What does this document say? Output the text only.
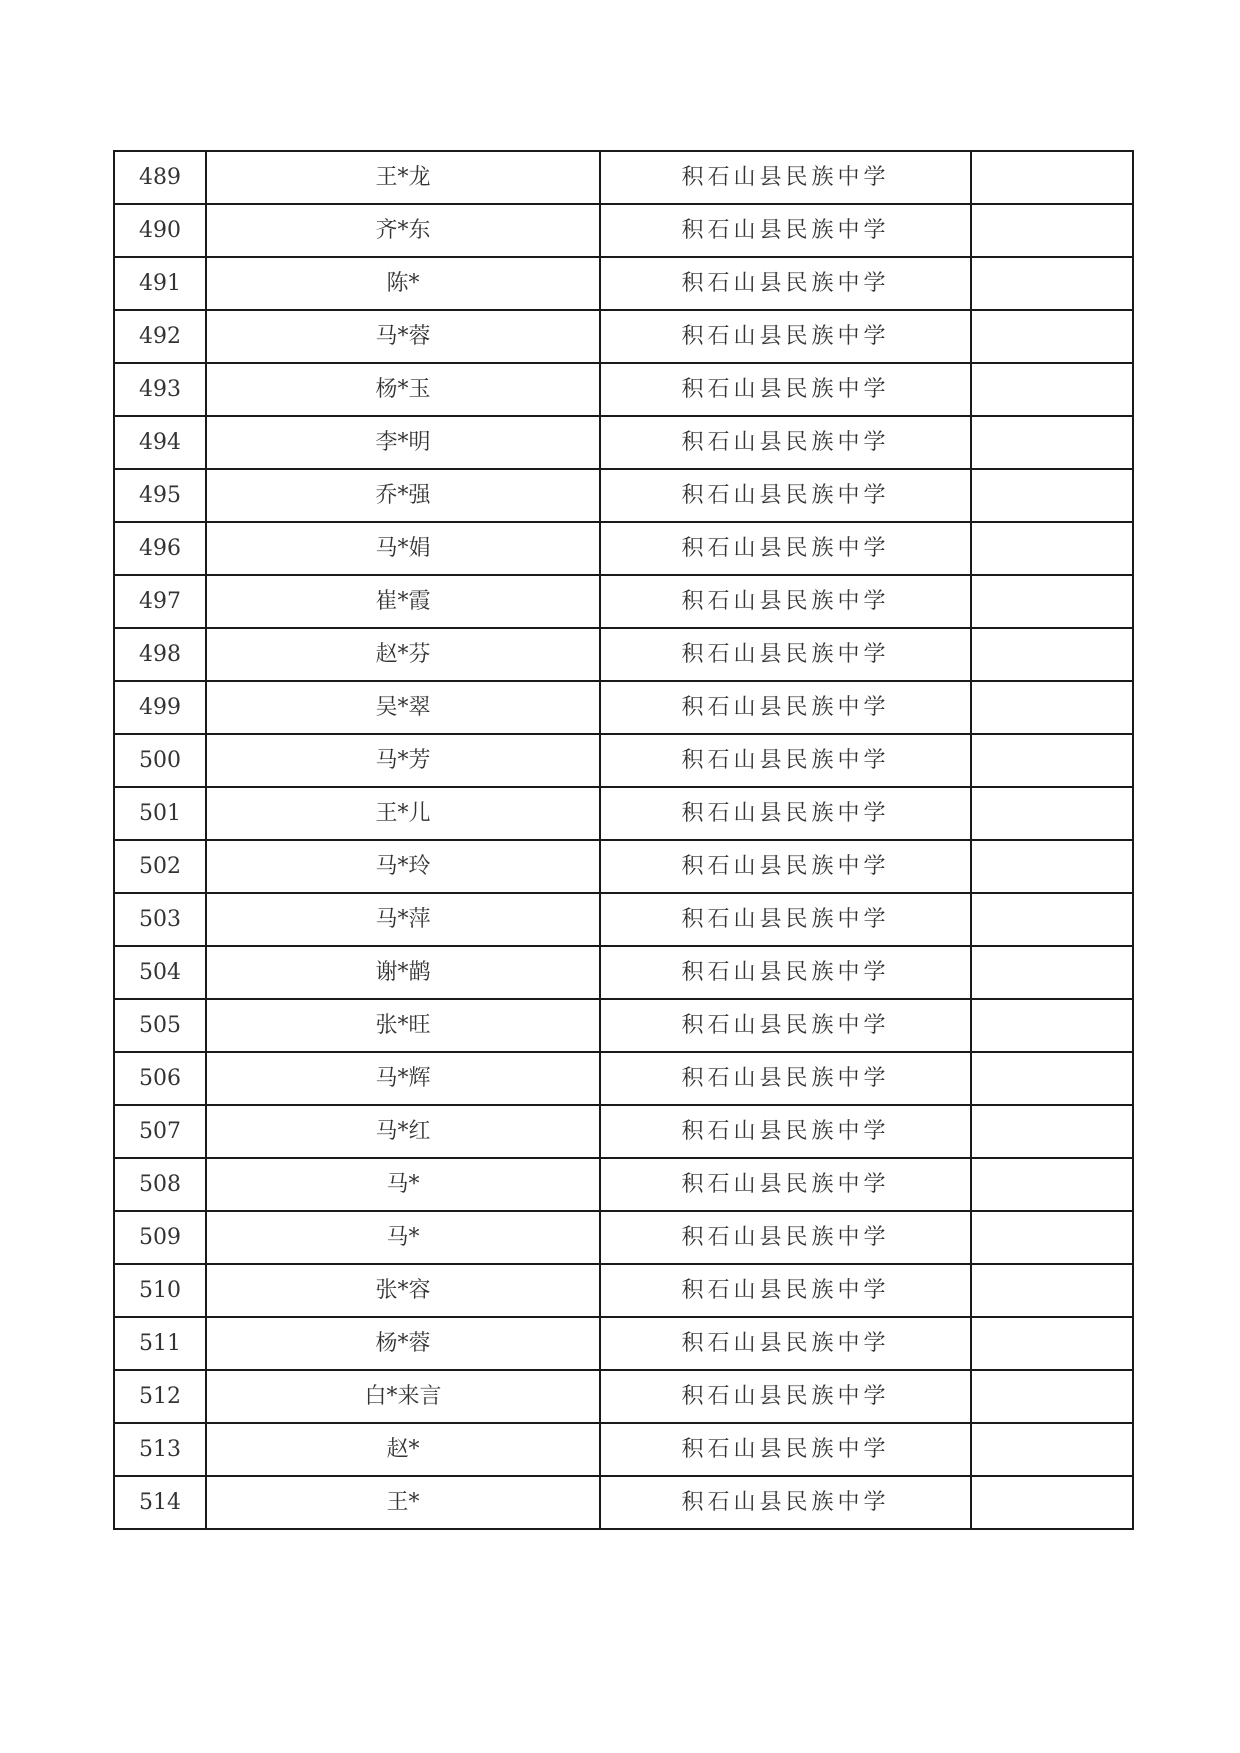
489	王*龙	积石山县民族中学	
490	齐*东	积石山县民族中学	
491	陈*	积石山县民族中学	
492	马*蓉	积石山县民族中学	
493	杨*玉	积石山县民族中学	
494	李*明	积石山县民族中学	
495	乔*强	积石山县民族中学	
496	马*娟	积石山县民族中学	
497	崔*霞	积石山县民族中学	
498	赵*芬	积石山县民族中学	
499	吴*翠	积石山县民族中学	
500	马*芳	积石山县民族中学	
501	王*儿	积石山县民族中学	
502	马*玲	积石山县民族中学	
503	马*萍	积石山县民族中学	
504	谢*鹋	积石山县民族中学	
505	张*旺	积石山县民族中学	
506	马*辉	积石山县民族中学	
507	马*红	积石山县民族中学	
508	马*	积石山县民族中学	
509	马*	积石山县民族中学	
510	张*容	积石山县民族中学	
511	杨*蓉	积石山县民族中学	
512	白*来言	积石山县民族中学	
513	赵*	积石山县民族中学	
514	王*	积石山县民族中学	
